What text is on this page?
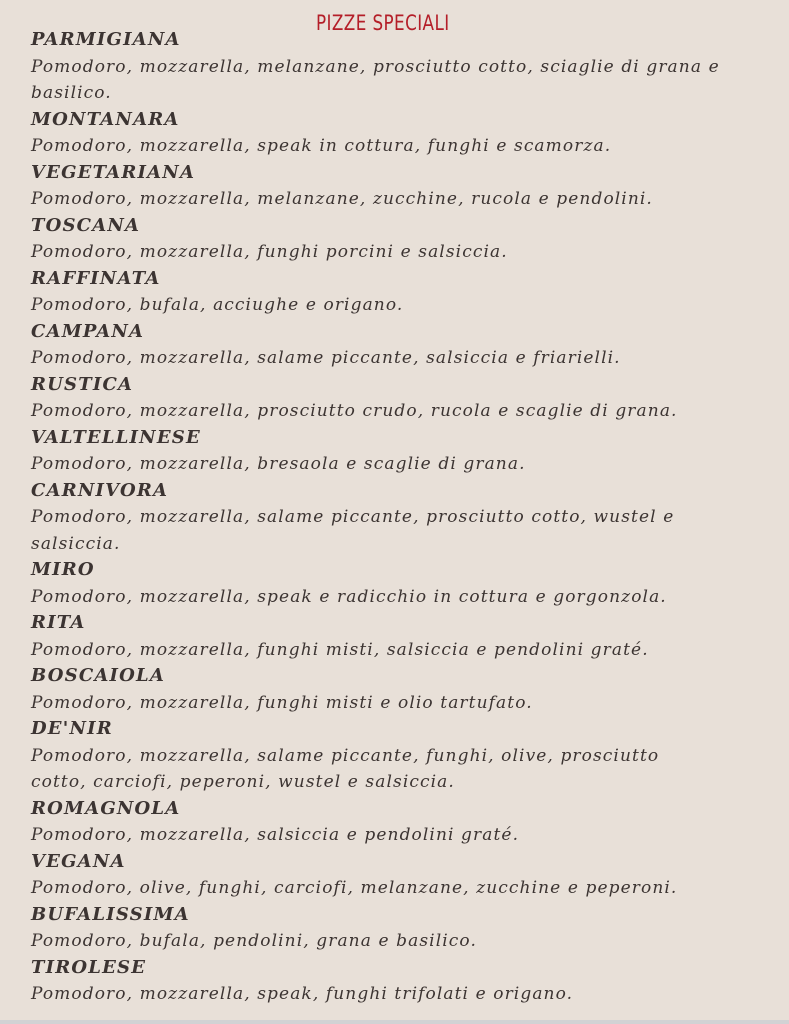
PIZZE SPECIALI
PARMIGIANA
Pomodoro, mozzarella, melanzane, prosciutto cotto, sciaglie di grana e basilico.
MONTANARA
Pomodoro, mozzarella, speak in cottura, funghi e scamorza.
VEGETARIANA
Pomodoro, mozzarella, melanzane, zucchine, rucola e pendolini.
TOSCANA
Pomodoro, mozzarella, funghi porcini e salsiccia.
RAFFINATA
Pomodoro, bufala, acciughe e origano.
CAMPANA
Pomodoro, mozzarella, salame piccante, salsiccia e friarielli.
RUSTICA
Pomodoro, mozzarella, prosciutto crudo, rucola e scaglie di grana.
VALTELLINESE
Pomodoro, mozzarella, bresaola e scaglie di grana.
CARNIVORA
Pomodoro, mozzarella, salame piccante, prosciutto cotto, wustel e salsiccia.
MIRO
Pomodoro, mozzarella, speak e radicchio in cottura e gorgonzola.
RITA
Pomodoro, mozzarella, funghi misti, salsiccia e pendolini graté.
BOSCAIOLA
Pomodoro, mozzarella, funghi misti e olio tartufato.
DE'NIR
Pomodoro, mozzarella, salame piccante, funghi, olive, prosciutto cotto, carciofi, peperoni, wustel e salsiccia.
ROMAGNOLA
Pomodoro, mozzarella, salsiccia e pendolini graté.
VEGANA
Pomodoro, olive, funghi, carciofi, melanzane, zucchine e peperoni.
BUFALISSIMA
Pomodoro, bufala, pendolini, grana e basilico.
TIROLESE
Pomodoro, mozzarella, speak, funghi trifolati e origano.
